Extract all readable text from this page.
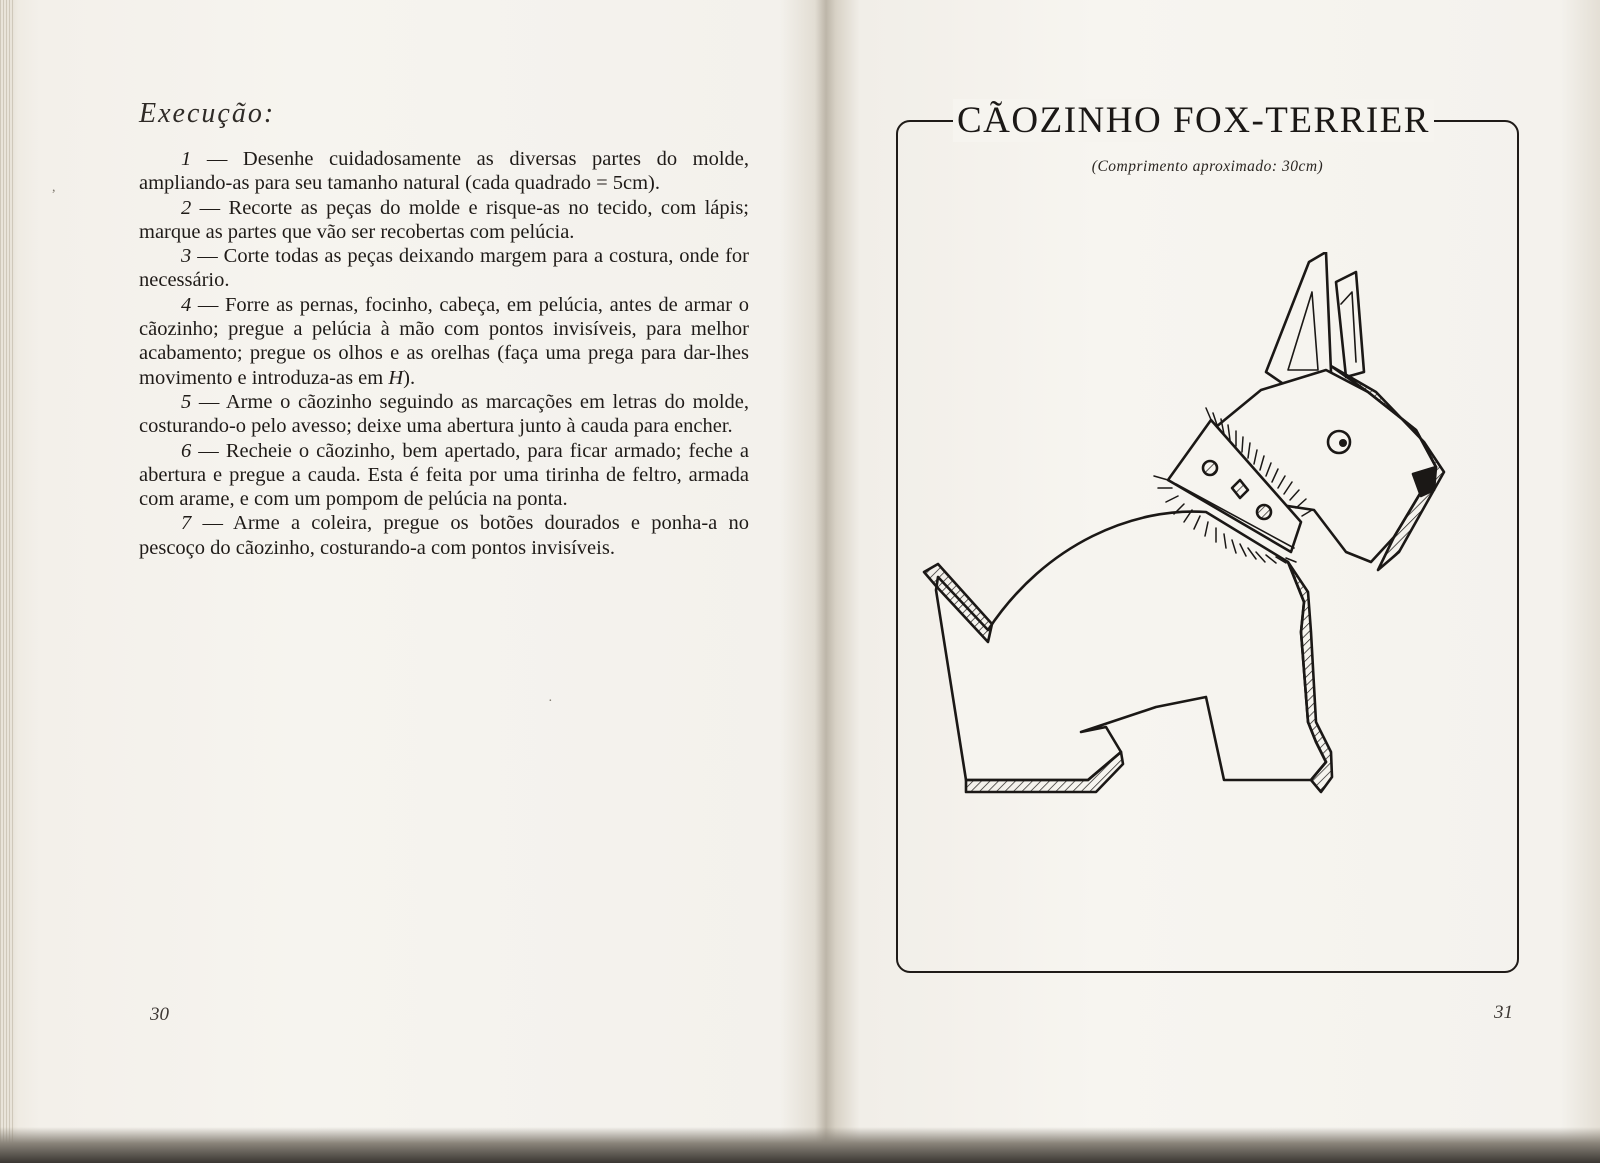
Execução:

1 — Desenhe cuidadosamente as diversas partes do molde, ampliando-as para seu tamanho natural (cada quadrado = 5cm).

2 — Recorte as peças do molde e risque-as no tecido, com lápis; marque as partes que vão ser recobertas com pelúcia.

3 — Corte todas as peças deixando margem para a costura, onde for necessário.

4 — Forre as pernas, focinho, cabeça, em pelúcia, antes de armar o cãozinho; pregue a pelúcia à mão com pontos invisíveis, para melhor acabamento; pregue os olhos e as orelhas (faça uma prega para dar-lhes movimento e introduza-as em H).

5 — Arme o cãozinho seguindo as marcações em letras do molde, costurando-o pelo avesso; deixe uma abertura junto à cauda para encher.

6 — Recheie o cãozinho, bem apertado, para ficar armado; feche a abertura e pregue a cauda. Esta é feita por uma tirinha de feltro, armada com arame, e com um pompom de pelúcia na ponta.

7 — Arme a coleira, pregue os botões dourados e ponha-a no pescoço do cãozinho, costurando-a com pontos invisíveis.

30
,
·
CÃOZINHO FOX-TERRIER
(Comprimento aproximado: 30cm)
31
